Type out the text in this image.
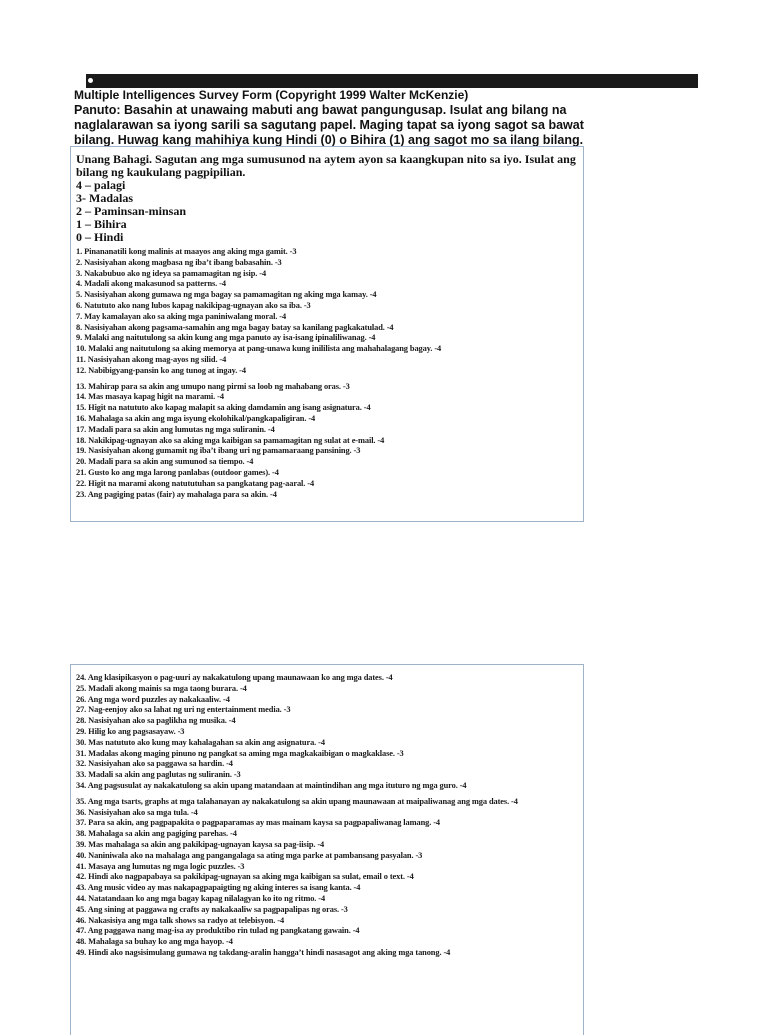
Multiple Intelligences Survey Form (Copyright 1999 Walter McKenzie)
Panuto: Basahin at unawaing mabuti ang bawat pangungusap. Isulat ang bilang na naglalarawan sa iyong sarili sa sagutang papel. Maging tapat sa iyong sagot sa bawat bilang. Huwag kang mahihiya kung Hindi (0) o Bihira (1) ang sagot mo sa ilang bilang.
Unang Bahagi. Sagutan ang mga sumusunod na aytem ayon sa kaangkupan nito sa iyo. Isulat ang bilang ng kaukulang pagpipilian.
4 – palagi
3- Madalas
2 – Paminsan-minsan
1 – Bihira
0 – Hindi
1. Pinananatili kong malinis at maayos ang aking mga gamit. -3
2. Nasisiyahan akong magbasa ng iba’t ibang babasahin. -3
3. Nakabubuo ako ng ideya sa pamamagitan ng isip. -4
4. Madali akong makasunod sa patterns. -4
5. Nasisiyahan akong gumawa ng mga bagay sa pamamagitan ng aking mga kamay. -4
6. Natututo ako nang lubos kapag nakikipag-ugnayan ako sa iba. -3
7. May kamalayan ako sa aking mga paniniwalang moral. -4
8. Nasisiyahan akong pagsama-samahin ang mga bagay batay sa kanilang pagkakatulad. -4
9. Malaki ang naitutulong sa akin kung ang mga panuto ay isa-isang ipinaliliwanag. -4
10. Malaki ang naitutulong sa aking memorya at pang-unawa kung inililista ang mahahalagang bagay. -4
11. Nasisiyahan akong mag-ayos ng silid. -4
12. Nabibigyang-pansin ko ang tunog at ingay. -4
13. Mahirap para sa akin ang umupo nang pirmi sa loob ng mahabang oras. -3
14. Mas masaya kapag higit na marami. -4
15. Higit na natututo ako kapag malapit sa aking damdamin ang isang asignatura. -4
16. Mahalaga sa akin ang mga isyung ekolohikal/pangkapaligiran. -4
17. Madali para sa akin ang lumutas ng mga suliranin. -4
18. Nakikipag-ugnayan ako sa aking mga kaibigan sa pamamagitan ng sulat at e-mail. -4
19. Nasisiyahan akong gumamit ng iba’t ibang uri ng pamamaraang pansining. -3
20. Madali para sa akin ang sumunod sa tiempo. -4
21. Gusto ko ang mga larong panlabas (outdoor games). -4
22. Higit na marami akong natututuhan sa pangkatang pag-aaral. -4
23. Ang pagiging patas (fair) ay mahalaga para sa akin. -4
24. Ang klasipikasyon o pag-uuri ay nakakatulong upang maunawaan ko ang mga dates. -4
25. Madali akong mainis sa mga taong burara. -4
26. Ang mga word puzzles ay nakakaaliw. -4
27. Nag-eenjoy ako sa lahat ng uri ng entertainment media. -3
28. Nasisiyahan ako sa paglikha ng musika. -4
29. Hilig ko ang pagsasayaw. -3
30. Mas natututo ako kung may kahalagahan sa akin ang asignatura. -4
31. Madalas akong maging pinuno ng pangkat sa aming mga magkakaibigan o magkaklase. -3
32. Nasisiyahan ako sa paggawa sa hardin. -4
33. Madali sa akin ang paglutas ng suliranin. -3
34. Ang pagsusulat ay nakakatulong sa akin upang matandaan at maintindihan ang mga ituturo ng mga guro. -4
35. Ang mga tsarts, graphs at mga talahanayan ay nakakatulong sa akin upang maunawaan at maipaliwanag ang mga dates. -4
36. Nasisiyahan ako sa mga tula. -4
37. Para sa akin, ang pagpapakita o pagpaparamas ay mas mainam kaysa sa pagpapaliwanag lamang. -4
38. Mahalaga sa akin ang pagiging parehas. -4
39. Mas mahalaga sa akin ang pakikipag-ugnayan kaysa sa pag-iisip. -4
40. Naniniwala ako na mahalaga ang pangangalaga sa ating mga parke at pambansang pasyalan. -3
41. Masaya ang lumutas ng mga logic puzzles. -3
42. Hindi ako nagpapabaya sa pakikipag-ugnayan sa aking mga kaibigan sa sulat, email o text. -4
43. Ang music video ay mas nakapagpapaigting ng aking interes sa isang kanta. -4
44. Natatandaan ko ang mga bagay kapag nilalagyan ko ito ng ritmo. -4
45. Ang sining at paggawa ng crafts ay nakakaaliw sa pagpapalipas ng oras. -3
46. Nakasisiya ang mga talk shows sa radyo at telebisyon. -4
47. Ang paggawa nang mag-isa ay produktibo rin tulad ng pangkatang gawain. -4
48. Mahalaga sa buhay ko ang mga hayop. -4
49. Hindi ako nagsisimulang gumawa ng takdang-aralin hangga’t hindi nasasagot ang aking mga tanong. -4
